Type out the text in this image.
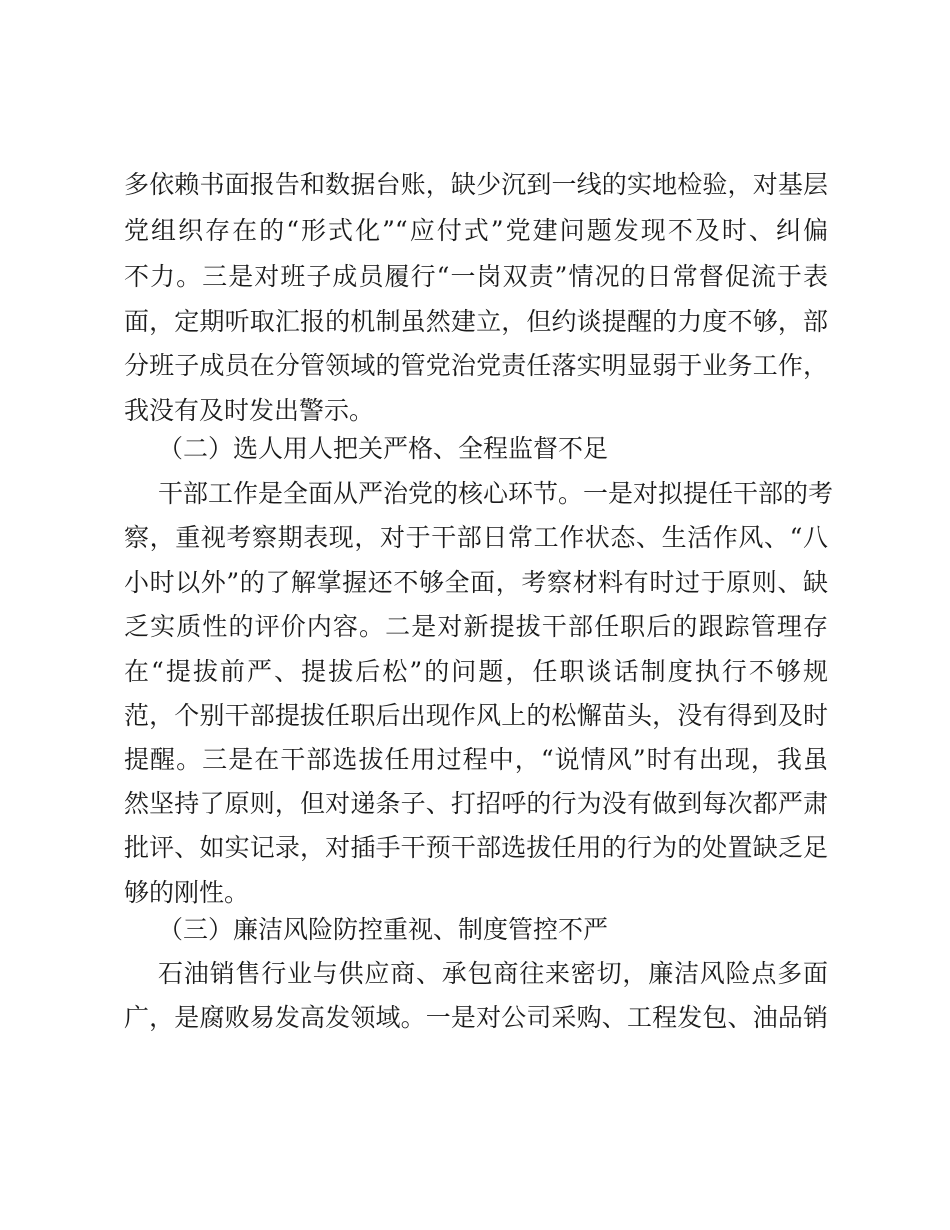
多依赖书面报告和数据台账，缺少沉到一线的实地检验，对基层
党组织存在的“形式化”“应付式”党建问题发现不及时、纠偏
不力。三是对班子成员履行“一岗双责”情况的日常督促流于表
面，定期听取汇报的机制虽然建立，但约谈提醒的力度不够，部
分班子成员在分管领域的管党治党责任落实明显弱于业务工作，
我没有及时发出警示。
（二）选人用人把关严格、全程监督不足
干部工作是全面从严治党的核心环节。一是对拟提任干部的考
察，重视考察期表现，对于干部日常工作状态、生活作风、“八
小时以外”的了解掌握还不够全面，考察材料有时过于原则、缺
乏实质性的评价内容。二是对新提拔干部任职后的跟踪管理存
在“提拔前严、提拔后松”的问题，任职谈话制度执行不够规
范，个别干部提拔任职后出现作风上的松懈苗头，没有得到及时
提醒。三是在干部选拔任用过程中，“说情风”时有出现，我虽
然坚持了原则，但对递条子、打招呼的行为没有做到每次都严肃
批评、如实记录，对插手干预干部选拔任用的行为的处置缺乏足
够的刚性。
（三）廉洁风险防控重视、制度管控不严
石油销售行业与供应商、承包商往来密切，廉洁风险点多面
广，是腐败易发高发领域。一是对公司采购、工程发包、油品销
